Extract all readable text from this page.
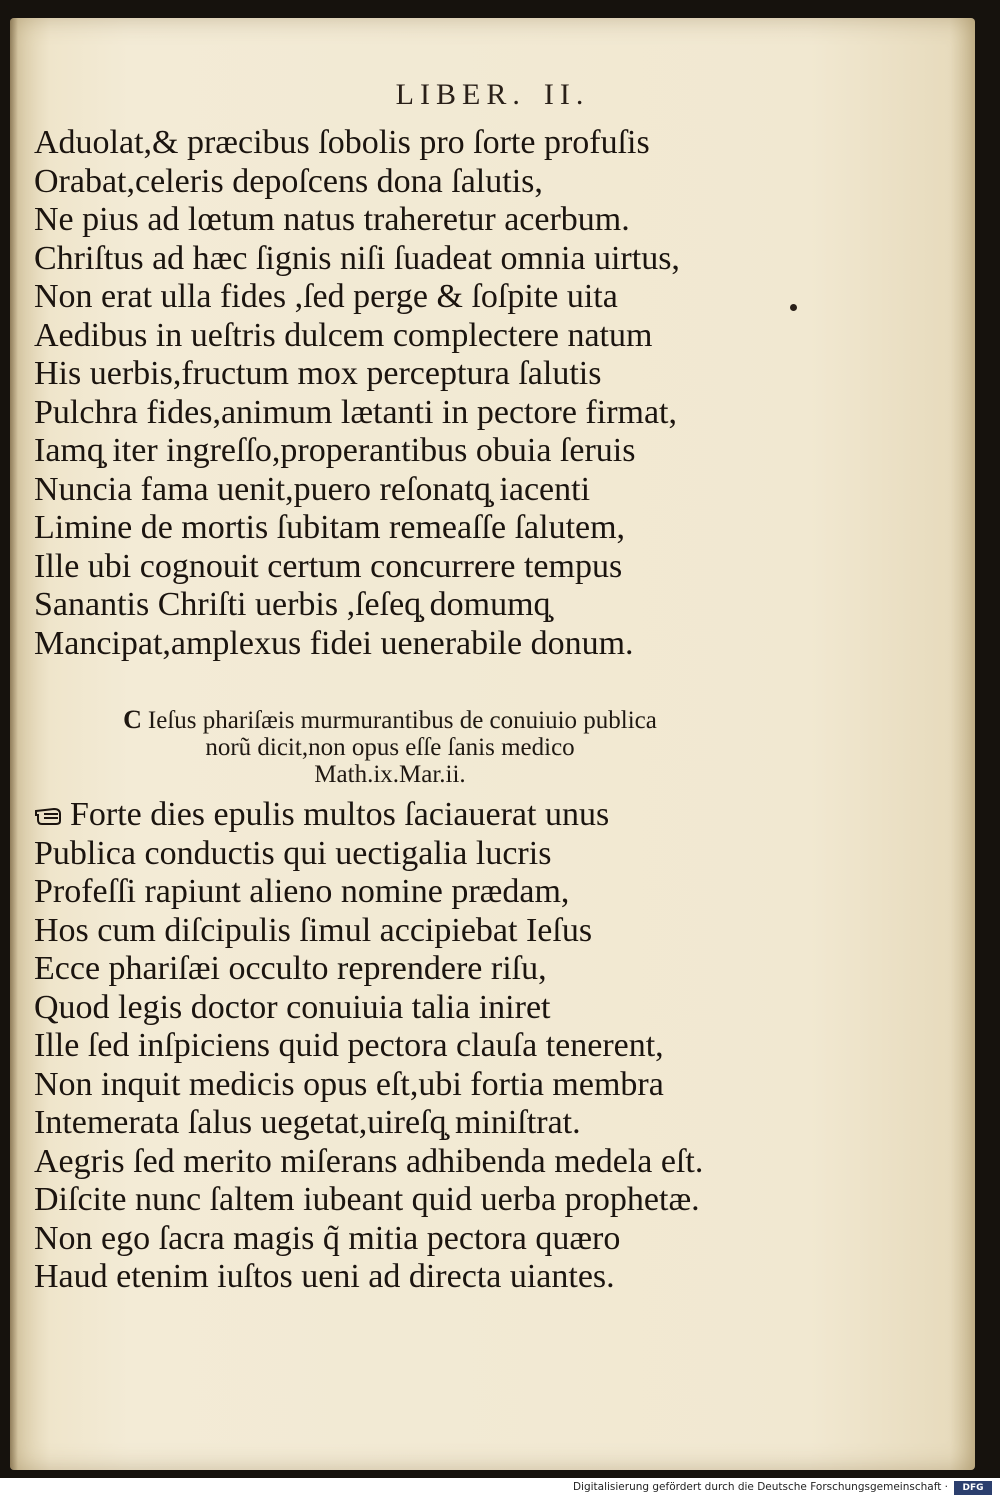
LIBER. II.
Aduolat,& præcibus ſobolis pro ſorte profuſis
Orabat,celeris depoſcens dona ſalutis,
Ne pius ad lœtum natus traheretur acerbum.
Chriſtus ad hæc ſignis niſi ſuadeat omnia uirtus,
Non erat ulla fides ,ſed perge & ſoſpite uita
Aedibus in ueſtris dulcem complectere natum
His uerbis,fructum mox perceptura ſalutis
Pulchra fides,animum lætanti in pectore firmat,
Iamq̧ iter ingreſſo,properantibus obuia ſeruis
Nuncia fama uenit,puero reſonatq̧ iacenti
Limine de mortis ſubitam remeaſſe ſalutem,
Ille ubi cognouit certum concurrere tempus
Sanantis Chriſti uerbis ,ſeſeq̧ domumq̧
Mancipat,amplexus fidei uenerabile donum.
C Ieſus phariſæis murmurantibus de conuiuio publica
norũ dicit,non opus eſſe ſanis medico
Math.ix.Mar.ii.
Forte dies epulis multos ſaciauerat unus
Publica conductis qui uectigalia lucris
Profeſſi rapiunt alieno nomine prædam,
Hos cum diſcipulis ſimul accipiebat Ieſus
Ecce phariſæi occulto reprendere riſu,
Quod legis doctor conuiuia talia iniret
Ille ſed inſpiciens quid pectora clauſa tenerent,
Non inquit medicis opus eſt,ubi fortia membra
Intemerata ſalus uegetat,uireſq̧ miniſtrat.
Aegris ſed merito miſerans adhibenda medela eſt.
Diſcite nunc ſaltem iubeant quid uerba prophetæ.
Non ego ſacra magis q̃ mitia pectora quæro
Haud etenim iuſtos ueni ad directa uiantes.
Digitalisierung gefördert durch die Deutsche Forschungsgemeinschaft ·	DFG
